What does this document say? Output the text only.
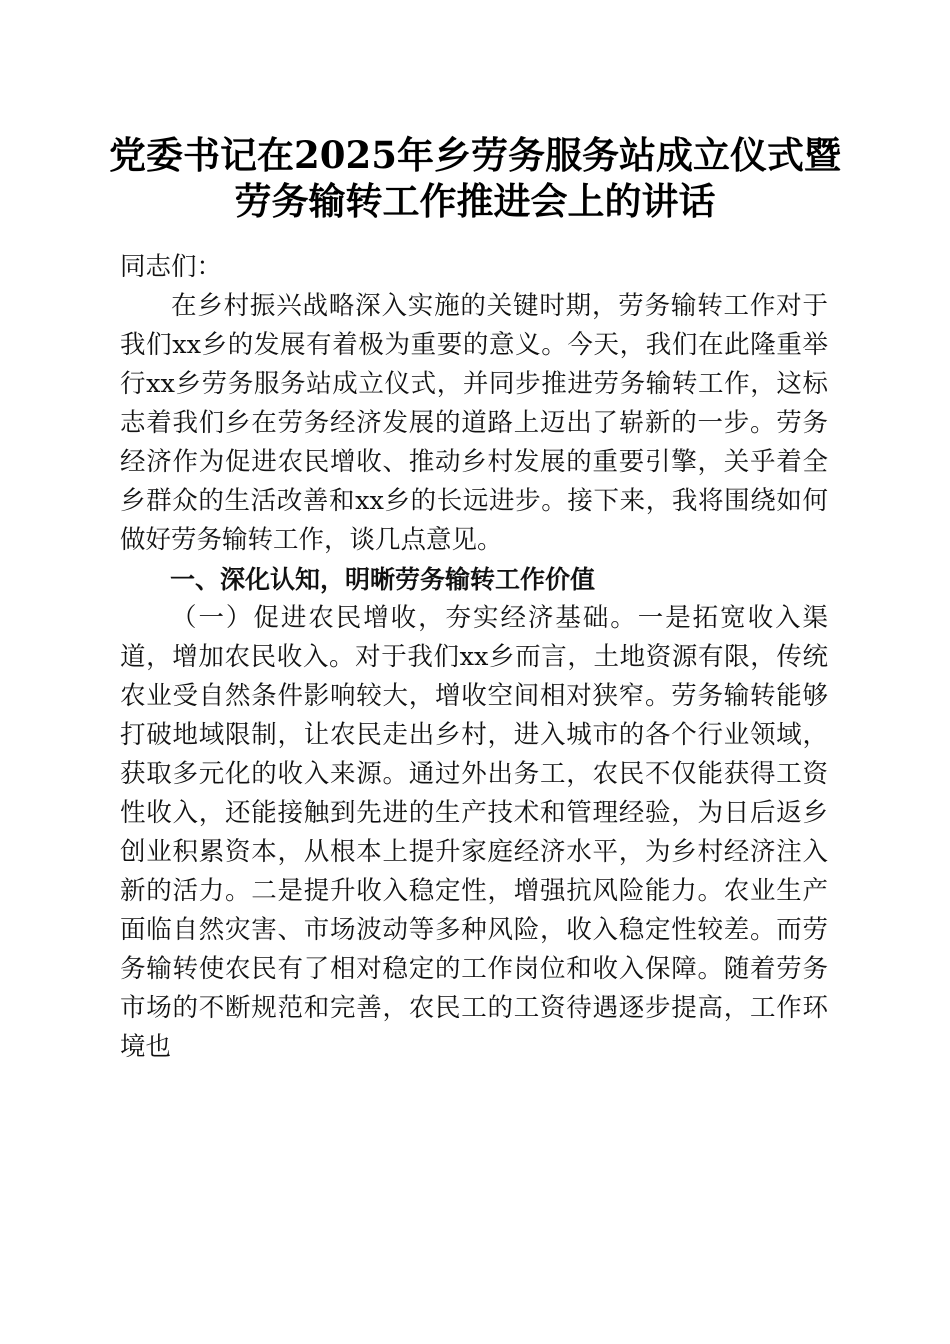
党委书记在2025年乡劳务服务站成立仪式暨
劳务输转工作推进会上的讲话

同志们：

在乡村振兴战略深入实施的关键时期，劳务输转工作对于我们xx乡的发展有着极为重要的意义。今天，我们在此隆重举行xx乡劳务服务站成立仪式，并同步推进劳务输转工作，这标志着我们乡在劳务经济发展的道路上迈出了崭新的一步。劳务经济作为促进农民增收、推动乡村发展的重要引擎，关乎着全乡群众的生活改善和xx乡的长远进步。接下来，我将围绕如何做好劳务输转工作，谈几点意见。

一、深化认知，明晰劳务输转工作价值

（一）促进农民增收，夯实经济基础。一是拓宽收入渠道，增加农民收入。对于我们xx乡而言，土地资源有限，传统农业受自然条件影响较大，增收空间相对狭窄。劳务输转能够打破地域限制，让农民走出乡村，进入城市的各个行业领域，获取多元化的收入来源。通过外出务工，农民不仅能获得工资性收入，还能接触到先进的生产技术和管理经验，为日后返乡创业积累资本，从根本上提升家庭经济水平，为乡村经济注入新的活力。二是提升收入稳定性，增强抗风险能力。农业生产面临自然灾害、市场波动等多种风险，收入稳定性较差。而劳务输转使农民有了相对稳定的工作岗位和收入保障。随着劳务市场的不断规范和完善，农民工的工资待遇逐步提高，工作环境也
